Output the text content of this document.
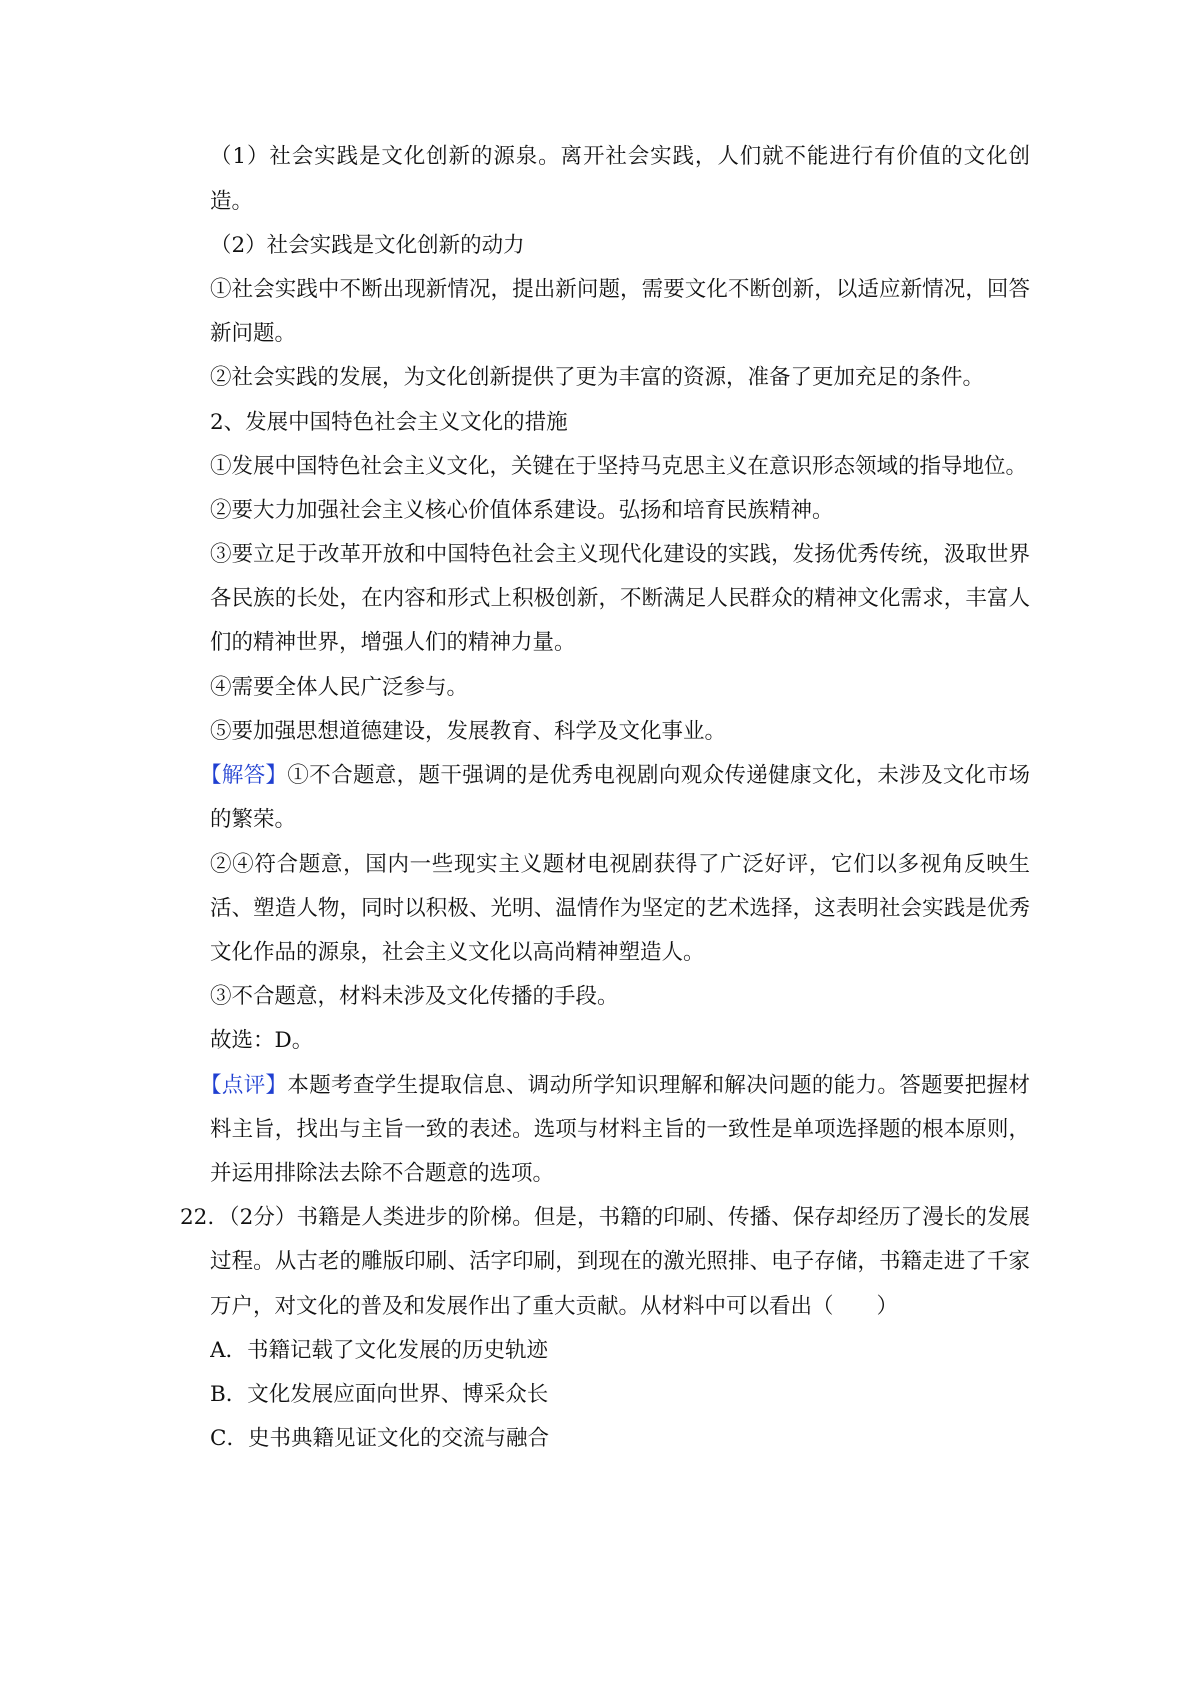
（1）社会实践是文化创新的源泉。离开社会实践，人们就不能进行有价值的文化创
造。
（2）社会实践是文化创新的动力
①社会实践中不断出现新情况，提出新问题，需要文化不断创新，以适应新情况，回答
新问题。
②社会实践的发展，为文化创新提供了更为丰富的资源，准备了更加充足的条件。
2、发展中国特色社会主义文化的措施
①发展中国特色社会主义文化，关键在于坚持马克思主义在意识形态领域的指导地位。
②要大力加强社会主义核心价值体系建设。弘扬和培育民族精神。
③要立足于改革开放和中国特色社会主义现代化建设的实践，发扬优秀传统，汲取世界
各民族的长处，在内容和形式上积极创新，不断满足人民群众的精神文化需求，丰富人
们的精神世界，增强人们的精神力量。
④需要全体人民广泛参与。
⑤要加强思想道德建设，发展教育、科学及文化事业。
【解答】①不合题意，题干强调的是优秀电视剧向观众传递健康文化，未涉及文化市场
的繁荣。
②④符合题意，国内一些现实主义题材电视剧获得了广泛好评，它们以多视角反映生
活、塑造人物，同时以积极、光明、温情作为坚定的艺术选择，这表明社会实践是优秀
文化作品的源泉，社会主义文化以高尚精神塑造人。
③不合题意，材料未涉及文化传播的手段。
故选：D。
【点评】本题考查学生提取信息、调动所学知识理解和解决问题的能力。答题要把握材
料主旨，找出与主旨一致的表述。选项与材料主旨的一致性是单项选择题的根本原则，
并运用排除法去除不合题意的选项。
22. （2分）书籍是人类进步的阶梯。但是，书籍的印刷、传播、保存却经历了漫长的发展
过程。从古老的雕版印刷、活字印刷，到现在的激光照排、电子存储，书籍走进了千家
万户，对文化的普及和发展作出了重大贡献。从材料中可以看出（　　）
A．书籍记载了文化发展的历史轨迹
B．文化发展应面向世界、博采众长
C．史书典籍见证文化的交流与融合
